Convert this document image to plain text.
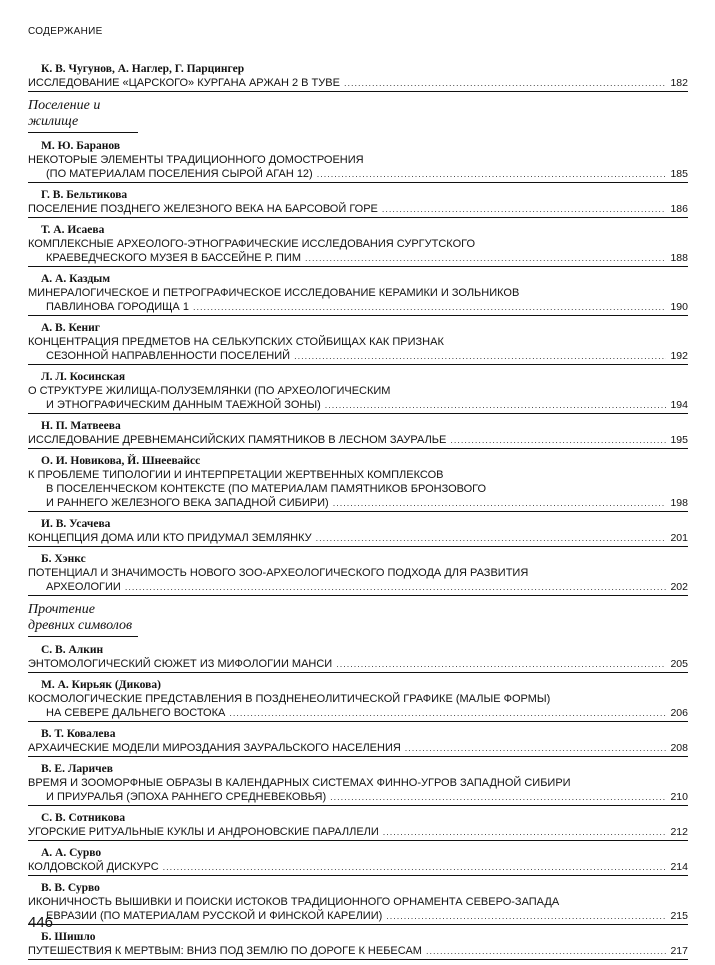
СОДЕРЖАНИЕ
К. В. Чугунов, А. Наглер, Г. Парцингер
ИССЛЕДОВАНИЕ «ЦАРСКОГО» КУРГАНА АРЖАН 2 В ТУВЕ .....	182
Поселение и жилище
М. Ю. Баранов
НЕКОТОРЫЕ ЭЛЕМЕНТЫ ТРАДИЦИОННОГО ДОМОСТРОЕНИЯ
(ПО МАТЕРИАЛАМ ПОСЕЛЕНИЯ СЫРОЙ АГАН 12) .....	185
Г. В. Бельтикова
ПОСЕЛЕНИЕ ПОЗДНЕГО ЖЕЛЕЗНОГО ВЕКА НА БАРСОВОЙ ГОРЕ .....	186
Т. А. Исаева
КОМПЛЕКСНЫЕ АРХЕОЛОГО-ЭТНОГРАФИЧЕСКИЕ ИССЛЕДОВАНИЯ СУРГУТСКОГО
КРАЕВЕДЧЕСКОГО МУЗЕЯ В БАССЕЙНЕ Р. ПИМ .....	188
А. А. Каздым
МИНЕРАЛОГИЧЕСКОЕ И ПЕТРОГРАФИЧЕСКОЕ ИССЛЕДОВАНИЕ КЕРАМИКИ И ЗОЛЬНИКОВ
ПАВЛИНОВА ГОРОДИЩА 1 .....	190
А. В. Кениг
КОНЦЕНТРАЦИЯ ПРЕДМЕТОВ НА СЕЛЬКУПСКИХ СТОЙБИЩАХ КАК ПРИЗНАК
СЕЗОННОЙ НАПРАВЛЕННОСТИ ПОСЕЛЕНИЙ .....	192
Л. Л. Косинская
О СТРУКТУРЕ ЖИЛИЩА-ПОЛУЗЕМЛЯНКИ (ПО АРХЕОЛОГИЧЕСКИМ
И ЭТНОГРАФИЧЕСКИМ ДАННЫМ ТАЕЖНОЙ ЗОНЫ) .....	194
Н. П. Матвеева
ИССЛЕДОВАНИЕ ДРЕВНЕМАНСИЙСКИХ ПАМЯТНИКОВ В ЛЕСНОМ ЗАУРАЛЬЕ .....	195
О. И. Новикова, Й. Шнеевайсс
К ПРОБЛЕМЕ ТИПОЛОГИИ И ИНТЕРПРЕТАЦИИ ЖЕРТВЕННЫХ КОМПЛЕКСОВ
В ПОСЕЛЕНЧЕСКОМ КОНТЕКСТЕ (ПО МАТЕРИАЛАМ ПАМЯТНИКОВ БРОНЗОВОГО
И РАННЕГО ЖЕЛЕЗНОГО ВЕКА ЗАПАДНОЙ СИБИРИ) .....	198
И. В. Усачева
КОНЦЕПЦИЯ ДОМА ИЛИ КТО ПРИДУМАЛ ЗЕМЛЯНКУ .....	201
Б. Хэнкс
ПОТЕНЦИАЛ И ЗНАЧИМОСТЬ НОВОГО ЗОО-АРХЕОЛОГИЧЕСКОГО ПОДХОДА ДЛЯ РАЗВИТИЯ
АРХЕОЛОГИИ .....	202
Прочтение древних символов
С. В. Алкин
ЭНТОМОЛОГИЧЕСКИЙ СЮЖЕТ ИЗ МИФОЛОГИИ МАНСИ .....	205
М. А. Кирьяк (Дикова)
КОСМОЛОГИЧЕСКИЕ ПРЕДСТАВЛЕНИЯ В ПОЗДНЕНЕОЛИТИЧЕСКОЙ ГРАФИКЕ (МАЛЫЕ ФОРМЫ)
НА СЕВЕРЕ ДАЛЬНЕГО ВОСТОКА .....	206
В. Т. Ковалева
АРХАИЧЕСКИЕ МОДЕЛИ МИРОЗДАНИЯ ЗАУРАЛЬСКОГО НАСЕЛЕНИЯ .....	208
В. Е. Ларичев
ВРЕМЯ И ЗООМОРФНЫЕ ОБРАЗЫ В КАЛЕНДАРНЫХ СИСТЕМАХ ФИННО-УГРОВ ЗАПАДНОЙ СИБИРИ
И ПРИУРАЛЬЯ (ЭПОХА РАННЕГО СРЕДНЕВЕКОВЬЯ) .....	210
С. В. Сотникова
УГОРСКИЕ РИТУАЛЬНЫЕ КУКЛЫ И АНДРОНОВСКИЕ ПАРАЛЛЕЛИ .....	212
А. А. Сурво
КОЛДОВСКОЙ ДИСКУРС .....	214
В. В. Сурво
ИКОНИЧНОСТЬ ВЫШИВКИ И ПОИСКИ ИСТОКОВ ТРАДИЦИОННОГО ОРНАМЕНТА СЕВЕРО-ЗАПАДА
ЕВРАЗИИ (ПО МАТЕРИАЛАМ РУССКОЙ И ФИНСКОЙ КАРЕЛИИ) .....	215
Б. Шишло
ПУТЕШЕСТВИЯ К МЕРТВЫМ: ВНИЗ ПОД ЗЕМЛЮ ПО ДОРОГЕ К НЕБЕСАМ .....	217
446
